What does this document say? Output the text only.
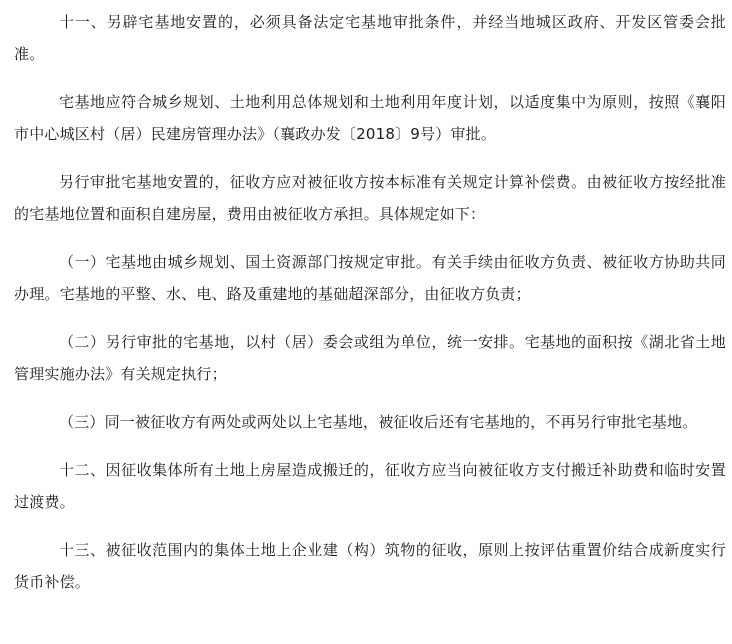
十一、另辟宅基地安置的，必须具备法定宅基地审批条件，并经当地城区政府、开发区管委会批准。

宅基地应符合城乡规划、土地利用总体规划和土地利用年度计划，以适度集中为原则，按照《襄阳市中心城区村（居）民建房管理办法》（襄政办发〔2018〕9号）审批。

另行审批宅基地安置的，征收方应对被征收方按本标准有关规定计算补偿费。由被征收方按经批准的宅基地位置和面积自建房屋，费用由被征收方承担。具体规定如下：

（一）宅基地由城乡规划、国土资源部门按规定审批。有关手续由征收方负责、被征收方协助共同办理。宅基地的平整、水、电、路及重建地的基础超深部分，由征收方负责；

（二）另行审批的宅基地，以村（居）委会或组为单位，统一安排。宅基地的面积按《湖北省土地管理实施办法》有关规定执行；

（三）同一被征收方有两处或两处以上宅基地，被征收后还有宅基地的，不再另行审批宅基地。

十二、因征收集体所有土地上房屋造成搬迁的，征收方应当向被征收方支付搬迁补助费和临时安置过渡费。

十三、被征收范围内的集体土地上企业建（构）筑物的征收，原则上按评估重置价结合成新度实行货币补偿。
